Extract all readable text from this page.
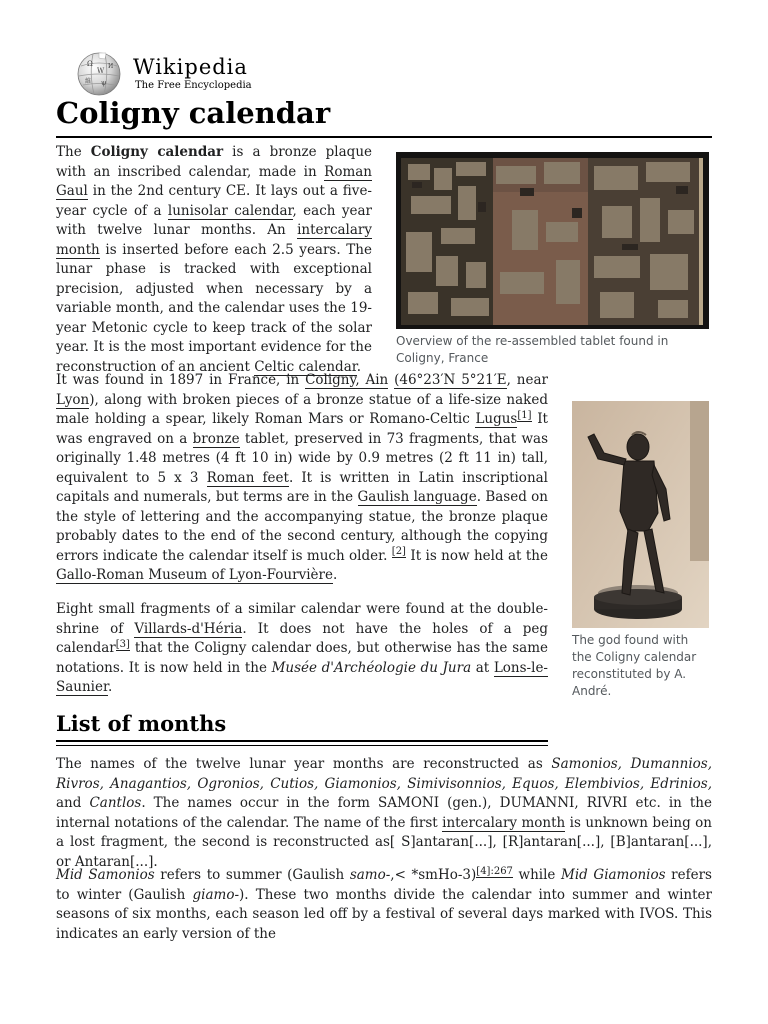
Ω
W
И
維 ψ
Wikipedia
The Free Encyclopedia
Coligny calendar
Overview of the re-assembled tablet found in Coligny, France
The god found with the Coligny calendar reconstituted by A. André.

The Coligny calendar is a bronze plaque with an inscribed calendar, made in Roman Gaul in the 2nd century CE. It lays out a five-year cycle of a lunisolar calendar, each year with twelve lunar months. An intercalary month is inserted before each 2.5 years. The lunar phase is tracked with exceptional precision, adjusted when necessary by a variable month, and the calendar uses the 19-year Metonic cycle to keep track of the solar year. It is the most important evidence for the reconstruction of an ancient Celtic calendar.

It was found in 1897 in France, in Coligny, Ain (46°23′N 5°21′E, near Lyon), along with broken pieces of a bronze statue of a life-size naked male holding a spear, likely Roman Mars or Romano-Celtic Lugus[1] It was engraved on a bronze tablet, preserved in 73 fragments, that was originally 1.48 metres (4 ft 10 in) wide by 0.9 metres (2 ft 11 in) tall, equivalent to 5 x 3 Roman feet. It is written in Latin inscriptional capitals and numerals, but terms are in the Gaulish language. Based on the style of lettering and the accompanying statue, the bronze plaque probably dates to the end of the second century, although the copying errors indicate the calendar itself is much older. [2] It is now held at the Gallo-Roman Museum of Lyon-Fourvière.

Eight small fragments of a similar calendar were found at the double-shrine of Villards-d'Héria. It does not have the holes of a peg calendar[3] that the Coligny calendar does, but otherwise has the same notations. It is now held in the Musée d'Archéologie du Jura at Lons-le-Saunier.

List of months

The names of the twelve lunar year months are reconstructed as Samonios, Dumannios, Rivros, Anagantios, Ogronios, Cutios, Giamonios, Simivisonnios, Equos, Elembivios, Edrinios, and Cantlos. The names occur in the form SAMONI (gen.), DUMANNI, RIVRI etc. in the internal notations of the calendar. The name of the first intercalary month is unknown being on a lost fragment, the second is reconstructed as[ S]antaran[...], [R]antaran[...], [B]antaran[...], or Antaran[...].

Mid Samonios refers to summer (Gaulish samo-,< *smHo-3)$^{[4]:267}$ while Mid Giamonios refers to winter (Gaulish giamo-). These two months divide the calendar into summer and winter seasons of six months, each season led off by a festival of several days marked with IVOS. This indicates an early version of the
